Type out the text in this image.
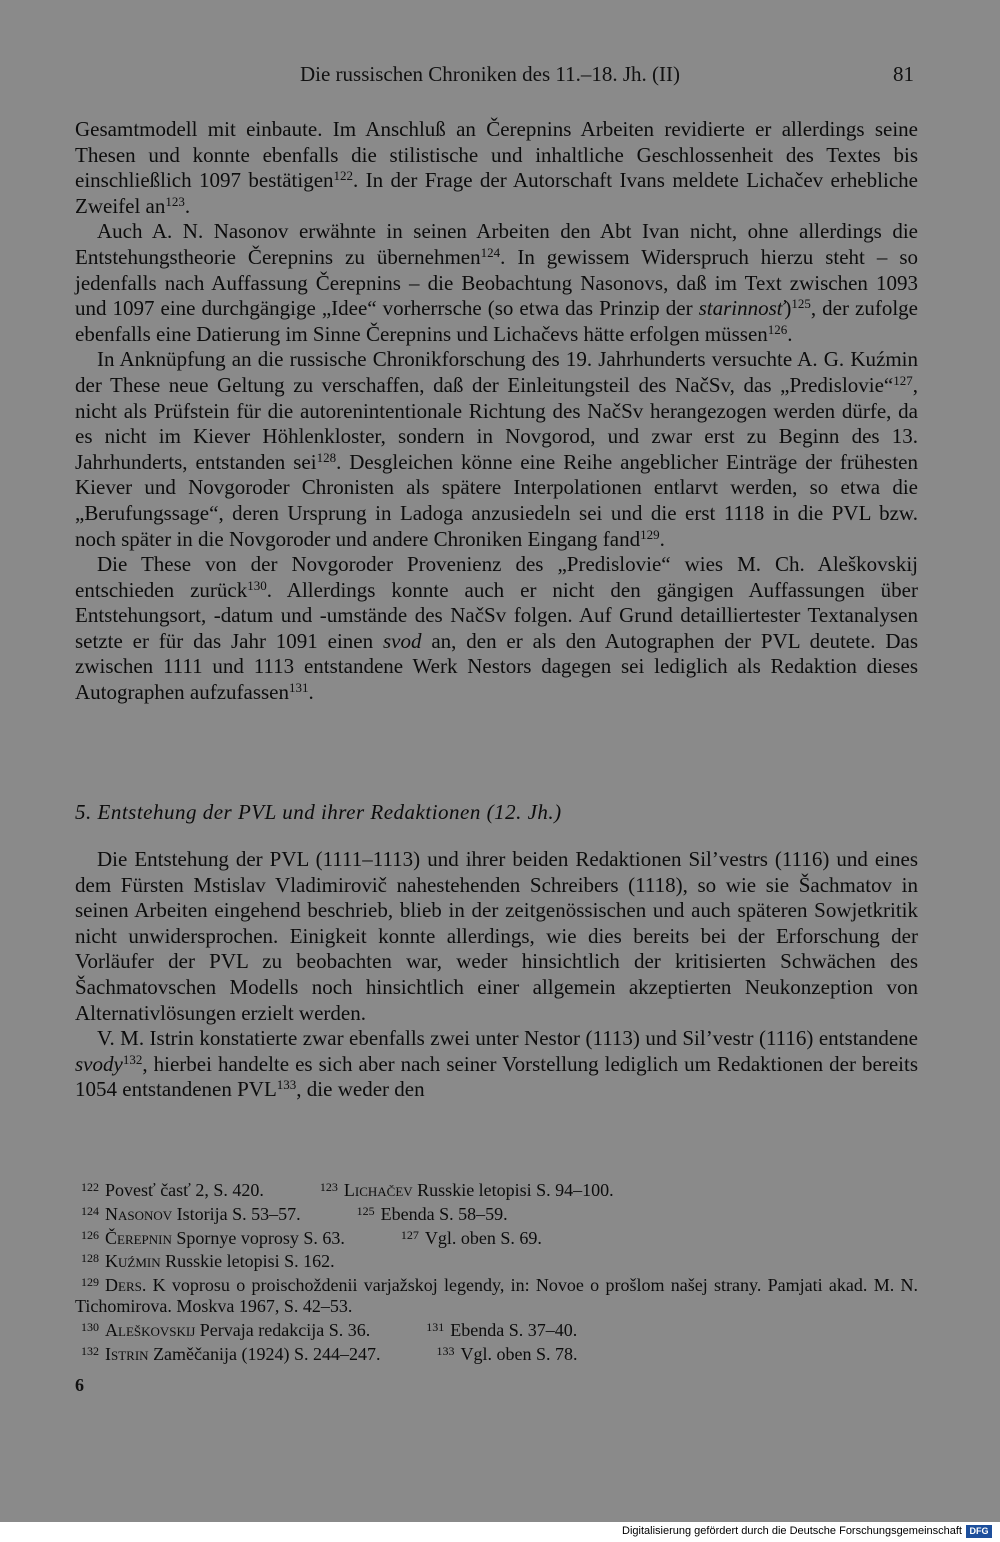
Die russischen Chroniken des 11.–18. Jh. (II)	81

Gesamtmodell mit einbaute. Im Anschluß an Čerepnins Arbeiten revidierte er allerdings seine Thesen und konnte ebenfalls die stilistische und inhaltliche Geschlossenheit des Textes bis einschließlich 1097 bestätigen$^{122}$. In der Frage der Autorschaft Ivans meldete Lichačev erhebliche Zweifel $an^{123}$.

Auch A. N. Nasonov erwähnte in seinen Arbeiten den Abt Ivan nicht, ohne allerdings die Entstehungstheorie Čerepnins zu übernehmen$^{124}$. In gewissem Widerspruch hierzu steht – so jedenfalls nach Auffassung Čerepnins – die Beobachtung Nasonovs, daß im Text zwischen 1093 und 1097 eine durchgängige „Idee“ vorherrsche (so etwa das Prinzip der starinnosť)$^{125}$, der zufolge ebenfalls eine Datierung im Sinne Čerepnins und Lichačevs hätte erfolgen müssen$^{126}$.

In Anknüpfung an die russische Chronikforschung des 19. Jahrhunderts versuchte A. G. Kuźmin der These neue Geltung zu verschaffen, daß der Einleitungsteil des NačSv, das „Predislovie“$^{127}$, nicht als Prüfstein für die autorenintentionale Richtung des NačSv herangezogen werden dürfe, da es nicht im Kiever Höhlenkloster, sondern in Novgorod, und zwar erst zu Beginn des 13. Jahrhunderts, entstanden sei$^{128}$. Desgleichen könne eine Reihe angeblicher Einträge der frühesten Kiever und Novgoroder Chronisten als spätere Interpolationen entlarvt werden, so etwa die „Berufungssage“, deren Ursprung in Ladoga anzusiedeln sei und die erst 1118 in die PVL bzw. noch später in die Novgoroder und andere Chroniken Eingang fand$^{129}$.

Die These von der Novgoroder Provenienz des „Predislovie“ wies M. Ch. Aleškovskij entschieden zurück$^{130}$. Allerdings konnte auch er nicht den gängigen Auffassungen über Entstehungsort, -datum und -umstände des NačSv folgen. Auf Grund detailliertester Textanalysen setzte er für das Jahr 1091 einen svod an, den er als den Autographen der PVL deutete. Das zwischen 1111 und 1113 entstandene Werk Nestors dagegen sei lediglich als Redaktion dieses Autographen aufzufassen$^{131}$.

5. Entstehung der PVL und ihrer Redaktionen (12. Jh.)

Die Entstehung der PVL (1111–1113) und ihrer beiden Redaktionen Sil’vestrs (1116) und eines dem Fürsten Mstislav Vladimirovič nahestehenden Schreibers (1118), so wie sie Šachmatov in seinen Arbeiten eingehend beschrieb, blieb in der zeitgenössischen und auch späteren Sowjetkritik nicht unwidersprochen. Einigkeit konnte allerdings, wie dies bereits bei der Erforschung der Vorläufer der PVL zu beobachten war, weder hinsichtlich der kritisierten Schwächen des Šachmatovschen Modells noch hinsichtlich einer allgemein akzeptierten Neukonzeption von Alternativlösungen erzielt werden.

V. M. Istrin konstatierte zwar ebenfalls zwei unter Nestor (1113) und Sil’vestr (1116) entstandene svody$^{132}$, hierbei handelte es sich aber nach seiner Vorstellung lediglich um Redaktionen der bereits 1054 entstandenen PVL$^{133}$, die weder den

$^{122}$ Povesť časť 2, S. 420.	$^{123}$ Lichačev Russkie letopisi S. 94–100.
$^{124}$ Nasonov Istorija S. 53–57.	$^{125}$ Ebenda S. 58–59.
$^{126}$ Čerepnin Spornye voprosy S. 63.	$^{127}$ Vgl. oben S. 69.
$^{128}$ Kuźmin Russkie letopisi S. 162.
$^{129}$ Ders. K voprosu o proischoždenii varjažskoj legendy, in: Novoe o prošlom našej strany. Pamjati akad. M. N. Tichomirova. Moskva 1967, S. 42–53.
$^{130}$ Aleškovskij Pervaja redakcija S. 36.	$^{131}$ Ebenda S. 37–40.
$^{132}$ Istrin Zaměčanija (1924) S. 244–247.	$^{133}$ Vgl. oben S. 78.
6
Digitalisierung gefördert durch die Deutsche Forschungsgemeinschaft DFG
